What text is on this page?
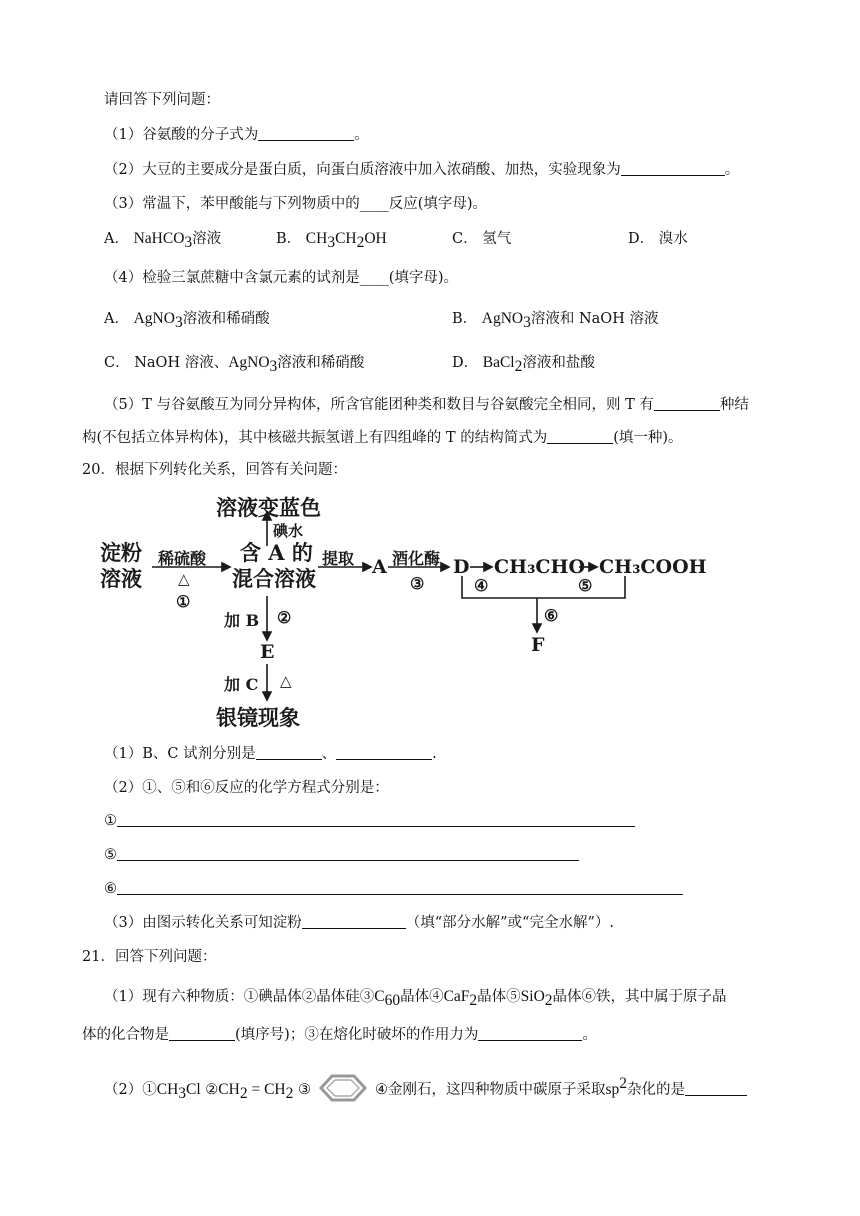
请回答下列问题：
（1）谷氨酸的分子式为	。
（2）大豆的主要成分是蛋白质，向蛋白质溶液中加入浓硝酸、加热，实验现象为	。
（3）常温下，苯甲酸能与下列物质中的____反应(填字母)。
A． NaHCO$_3$溶液	B． $CH_3CH_2OH$	C． 氢气	D． 溴水
（4）检验三氯蔗糖中含氯元素的试剂是____(填字母)。
A． AgNO$_3$溶液和稀硝酸	B． AgNO$_3$溶液和 NaOH 溶液
C． NaOH 溶液、AgNO$_3$溶液和稀硝酸	D． BaCl$_2$溶液和盐酸
（5）T 与谷氨酸互为同分异构体，所含官能团种类和数目与谷氨酸完全相同，则 T 有	种结
构(不包括立体异构体)，其中核磁共振氢谱上有四组峰的 T 的结构简式为	(填一种)。
20．根据下列转化关系，回答有关问题：
淀粉
溶液
稀硫酸
△
①
含 A 的
混合溶液
溶液变蓝色
碘水
提取 A 酒化酶
③
D CH₃CHO CH₃COOH
④	⑤
⑥
F
加 B ②
E
加 C △
银镜现象
（1）B、C 试剂分别是	、	.
（2）①、⑤和⑥反应的化学方程式分别是：
①
⑤
⑥
（3）由图示转化关系可知淀粉	（填“部分水解”或“完全水解”）.
21．回答下列问题：
（1）现有六种物质：①碘晶体②晶体硅$③C_{60}$晶体④CaF$_2$晶体⑤SiO$_2$晶体⑥铁，其中属于原子晶
体的化合物是	(填序号)；③在熔化时破坏的作用力为	。
$(2)①CH_3Cl$ $②CH_2 = CH_2$ ③	④金刚石，这四种物质中碳原子采取$sp^2$杂化的是
